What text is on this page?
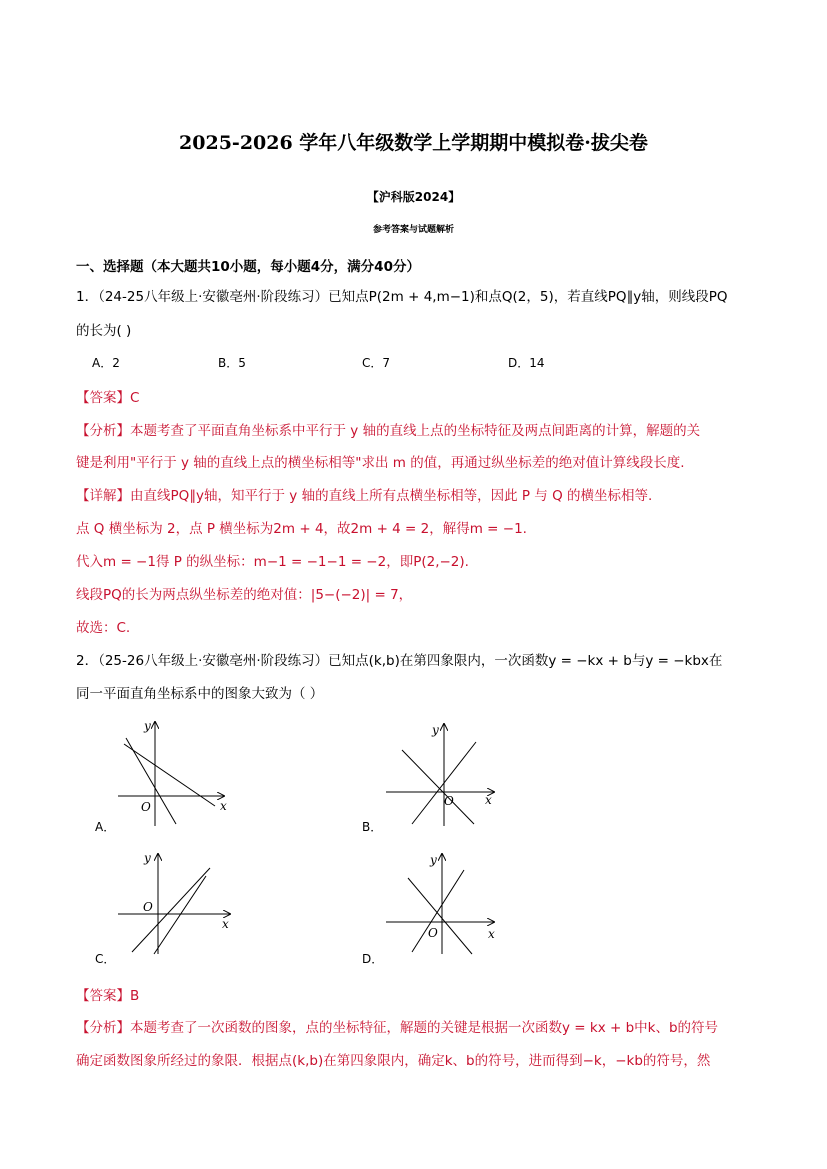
2025-2026 学年八年级数学上学期期中模拟卷·拔尖卷
【沪科版2024】
参考答案与试题解析
一、选择题（本大题共10小题，每小题4分，满分40分）
1．（24-25八年级上·安徽亳州·阶段练习）已知点P(2m + 4,m−1)和点Q(2，5)，若直线PQ∥y轴，则线段PQ
的长为( )
A．2	B．5	C．7	D．14
【答案】C
【分析】本题考查了平面直角坐标系中平行于 y 轴的直线上点的坐标特征及两点间距离的计算，解题的关
键是利用"平行于 y 轴的直线上点的横坐标相等"求出 m 的值，再通过纵坐标差的绝对值计算线段长度.
【详解】由直线PQ∥y轴，知平行于 y 轴的直线上所有点横坐标相等，因此 P 与 Q 的横坐标相等.
点 Q 横坐标为 2，点 P 横坐标为2m + 4，故2m + 4 = 2，解得m = −1.
代入m = −1得 P 的纵坐标：m−1 = −1−1 = −2，即P(2,−2).
线段PQ的长为两点纵坐标差的绝对值：|5−(−2)| = 7，
故选：C.
2．（25-26八年级上·安徽亳州·阶段练习）已知点(k,b)在第四象限内，一次函数y = −kx + b与y = −kbx在
同一平面直角坐标系中的图象大致为（ ）
y
x
O
A．
y
x
O
B．
y
x
O
C．
y
x
O
D．
【答案】B
【分析】本题考查了一次函数的图象，点的坐标特征，解题的关键是根据一次函数y = kx + b中k、b的符号
确定函数图象所经过的象限．根据点(k,b)在第四象限内，确定k、b的符号，进而得到−k，−kb的符号，然
